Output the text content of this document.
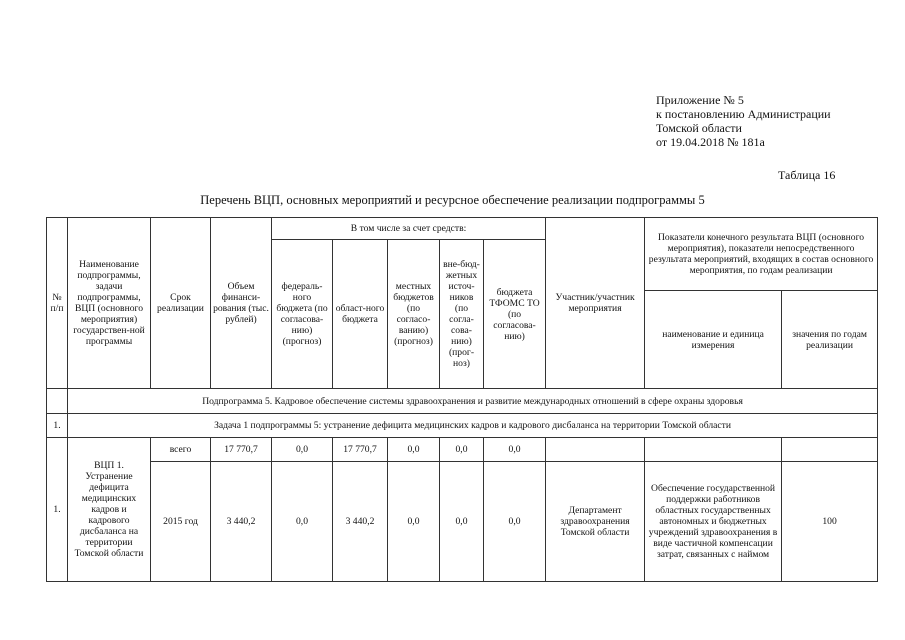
Приложение № 5
к постановлению Администрации
Томской области
от 19.04.2018 № 181а
Таблица 16
Перечень ВЦП, основных мероприятий и ресурсное обеспечение реализации подпрограммы 5
№ п/п	Наименование подпрограммы, задачи подпрограммы, ВЦП (основного мероприятия) государствен-ной программы	Срок реализации	Объем финанси-рования (тыс. рублей)	В том числе за счет средств:					Участник/участник мероприятия	Показатели конечного результата ВЦП (основного мероприятия), показатели непосредственного результата мероприятий, входящих в состав основного мероприятия, по годам реализации	
				федераль-ного бюджета (по согласова-нию) (прогноз)	област-ного бюджета	местных бюджетов (по согласо-ванию) (прогноз)	вне-бюд-жетных источ-ников (по согла-сова-нию) (прог-ноз)	бюджета ТФОМС ТО (по согласова-нию)			
										наименование и единица измерения	значения по годам реализации
	Подпрограмма 5. Кадровое обеспечение системы здравоохранения и развитие международных отношений в сфере охраны здоровья										
1.	Задача 1 подпрограммы 5: устранение дефицита медицинских кадров и кадрового дисбаланса на территории Томской области										
1.	ВЦП 1. Устранение дефицита медицинских кадров и кадрового дисбаланса на территории Томской области	всего	17 770,7	0,0	17 770,7	0,0	0,0	0,0			
		2015 год	3 440,2	0,0	3 440,2	0,0	0,0	0,0	Департамент здравоохранения Томской области	Обеспечение государственной поддержки работников областных государственных автономных и бюджетных учреждений здравоохранения в виде частичной компенсации затрат, связанных с наймом	100
